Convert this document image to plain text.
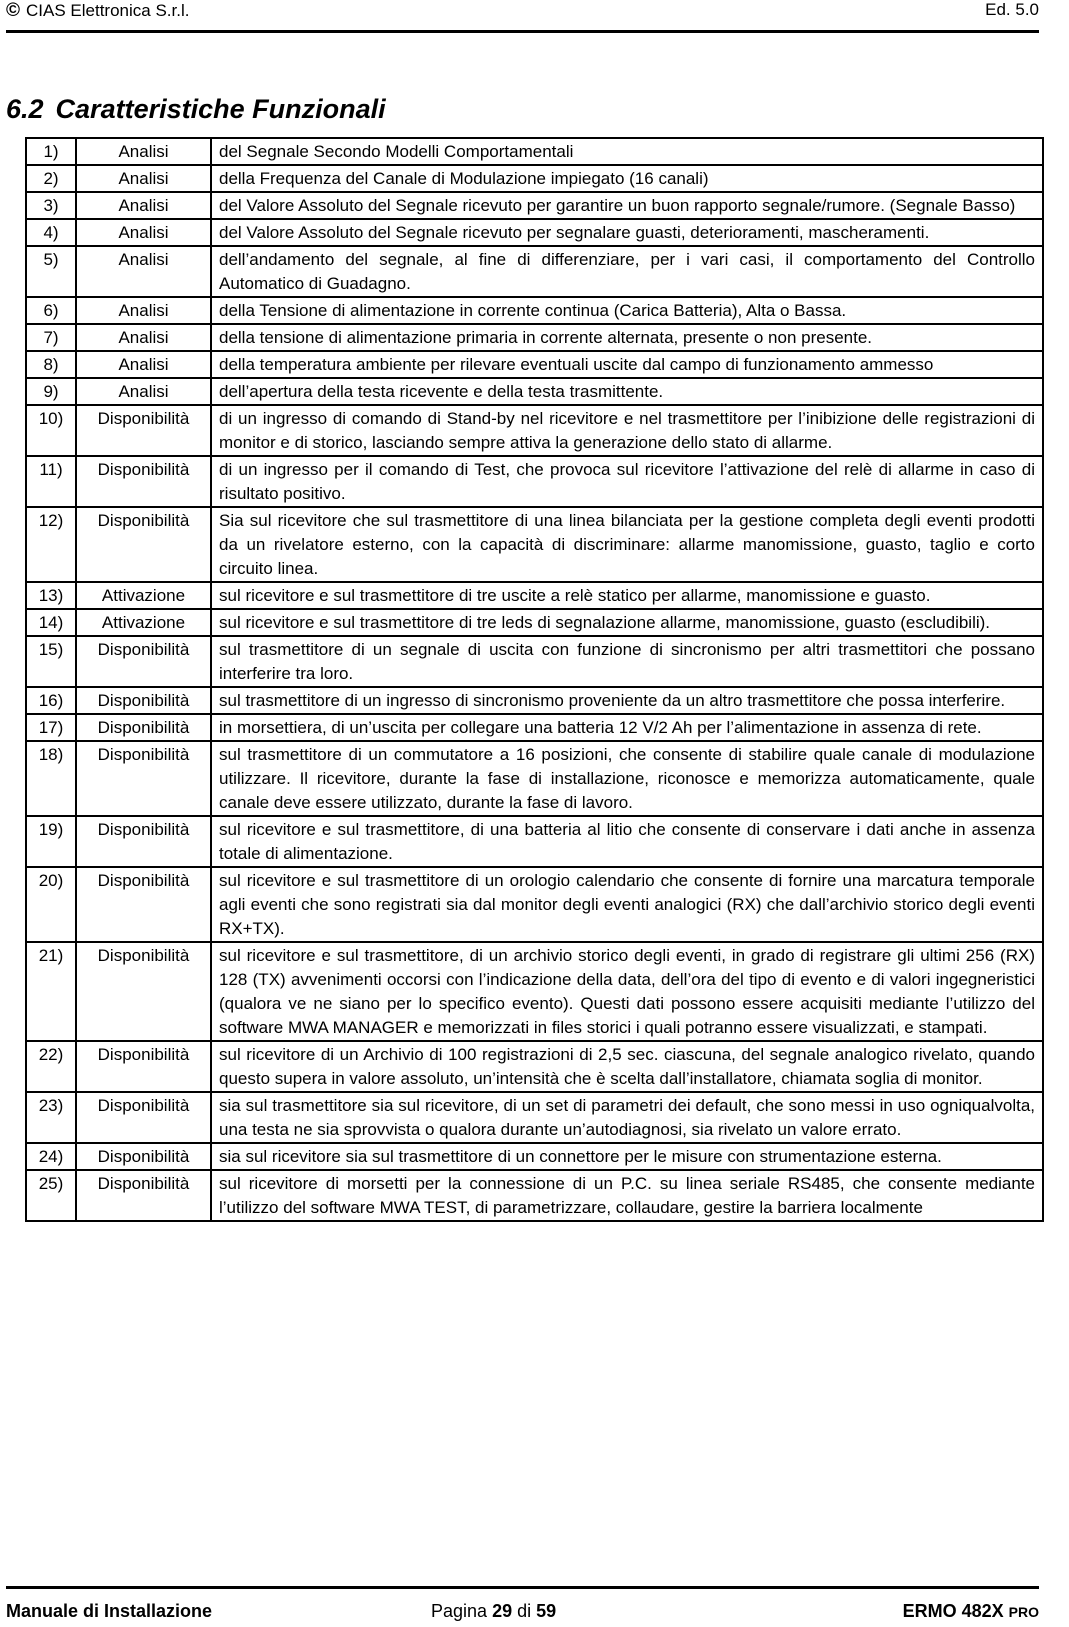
© CIAS Elettronica S.r.l.	Ed. 5.0
6.2 Caratteristiche Funzionali
1)	Analisi	del Segnale Secondo Modelli Comportamentali
2)	Analisi	della Frequenza del Canale di Modulazione impiegato (16 canali)
3)	Analisi	del Valore Assoluto del Segnale ricevuto per garantire un buon rapporto segnale/rumore. (Segnale Basso)
4)	Analisi	del Valore Assoluto del Segnale ricevuto per segnalare guasti, deterioramenti, mascheramenti.
5)	Analisi	dell’andamento del segnale, al fine di differenziare, per i vari casi, il comportamento del Controllo Automatico di Guadagno.
6)	Analisi	della Tensione di alimentazione in corrente continua (Carica Batteria), Alta o Bassa.
7)	Analisi	della tensione di alimentazione primaria in corrente alternata, presente o non presente.
8)	Analisi	della temperatura ambiente per rilevare eventuali uscite dal campo di funzionamento ammesso
9)	Analisi	dell’apertura della testa ricevente e della testa trasmittente.
10)	Disponibilità	di un ingresso di comando di Stand-by nel ricevitore e nel trasmettitore per l’inibizione delle registrazioni di monitor e di storico, lasciando sempre attiva la generazione dello stato di allarme.
11)	Disponibilità	di un ingresso per il comando di Test, che provoca sul ricevitore l’attivazione del relè di allarme in caso di risultato positivo.
12)	Disponibilità	Sia sul ricevitore che sul trasmettitore di una linea bilanciata per la gestione completa degli eventi prodotti da un rivelatore esterno, con la capacità di discriminare: allarme manomissione, guasto, taglio e corto circuito linea.
13)	Attivazione	sul ricevitore e sul trasmettitore di tre uscite a relè statico per allarme, manomissione e guasto.
14)	Attivazione	sul ricevitore e sul trasmettitore di tre leds di segnalazione allarme, manomissione, guasto (escludibili).
15)	Disponibilità	sul trasmettitore di un segnale di uscita con funzione di sincronismo per altri trasmettitori che possano interferire tra loro.
16)	Disponibilità	sul trasmettitore di un ingresso di sincronismo proveniente da un altro trasmettitore che possa interferire.
17)	Disponibilità	in morsettiera, di un’uscita per collegare una batteria 12 V/2 Ah per l’alimentazione in assenza di rete.
18)	Disponibilità	sul trasmettitore di un commutatore a 16 posizioni, che consente di stabilire quale canale di modulazione utilizzare. Il ricevitore, durante la fase di installazione, riconosce e memorizza automaticamente, quale canale deve essere utilizzato, durante la fase di lavoro.
19)	Disponibilità	sul ricevitore e sul trasmettitore, di una batteria al litio che consente di conservare i dati anche in assenza totale di alimentazione.
20)	Disponibilità	sul ricevitore e sul trasmettitore di un orologio calendario che consente di fornire una marcatura temporale agli eventi che sono registrati sia dal monitor degli eventi analogici (RX) che dall’archivio storico degli eventi RX+TX).
21)	Disponibilità	sul ricevitore e sul trasmettitore, di un archivio storico degli eventi, in grado di registrare gli ultimi 256 (RX) 128 (TX) avvenimenti occorsi con l’indicazione della data, dell’ora del tipo di evento e di valori ingegneristici (qualora ve ne siano per lo specifico evento). Questi dati possono essere acquisiti mediante l’utilizzo del software MWA MANAGER e memorizzati in files storici i quali potranno essere visualizzati, e stampati.
22)	Disponibilità	sul ricevitore di un Archivio di 100 registrazioni di 2,5 sec. ciascuna, del segnale analogico rivelato, quando questo supera in valore assoluto, un’intensità che è scelta dall’installatore, chiamata soglia di monitor.
23)	Disponibilità	sia sul trasmettitore sia sul ricevitore, di un set di parametri dei default, che sono messi in uso ogniqualvolta, una testa ne sia sprovvista o qualora durante un’autodiagnosi, sia rivelato un valore errato.
24)	Disponibilità	sia sul ricevitore sia sul trasmettitore di un connettore per le misure con strumentazione esterna.
25)	Disponibilità	sul ricevitore di morsetti per la connessione di un P.C. su linea seriale RS485, che consente mediante l’utilizzo del software MWA TEST, di parametrizzare, collaudare, gestire la barriera localmente
Manuale di Installazione	Pagina 29 di 59	ERMO 482X PRO
